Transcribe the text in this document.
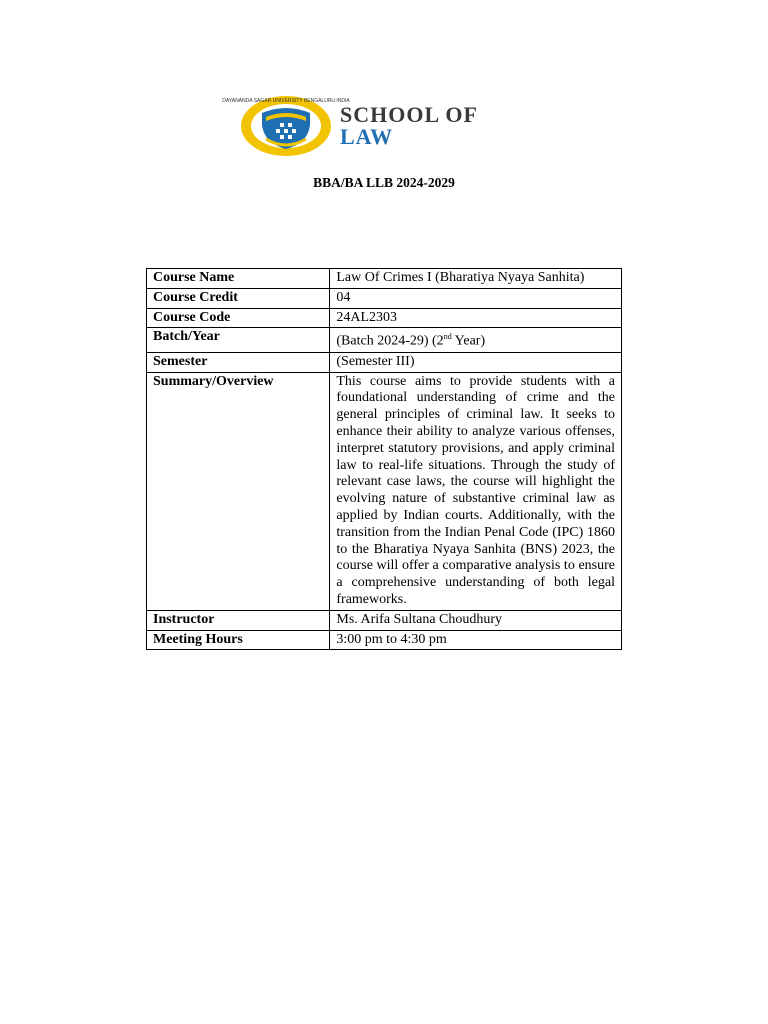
DAYANANDA SAGAR UNIVERSITY BENGALURU INDIA
SCHOOL OF
LAW
BBA/BA LLB 2024-2029
Course Name	Law Of Crimes I (Bharatiya Nyaya Sanhita)
Course Credit	04
Course Code	24AL2303
Batch/Year	(Batch 2024-29) (2nd Year)
Semester	(Semester III)
Summary/Overview	This course aims to provide students with a foundational understanding of crime and the general principles of criminal law. It seeks to enhance their ability to analyze various offenses, interpret statutory provisions, and apply criminal law to real-life situations. Through the study of relevant case laws, the course will highlight the evolving nature of substantive criminal law as applied by Indian courts. Additionally, with the transition from the Indian Penal Code (IPC) 1860 to the Bharatiya Nyaya Sanhita (BNS) 2023, the course will offer a comparative analysis to ensure a comprehensive understanding of both legal frameworks.
Instructor	Ms. Arifa Sultana Choudhury
Meeting Hours	3:00 pm to 4:30 pm
